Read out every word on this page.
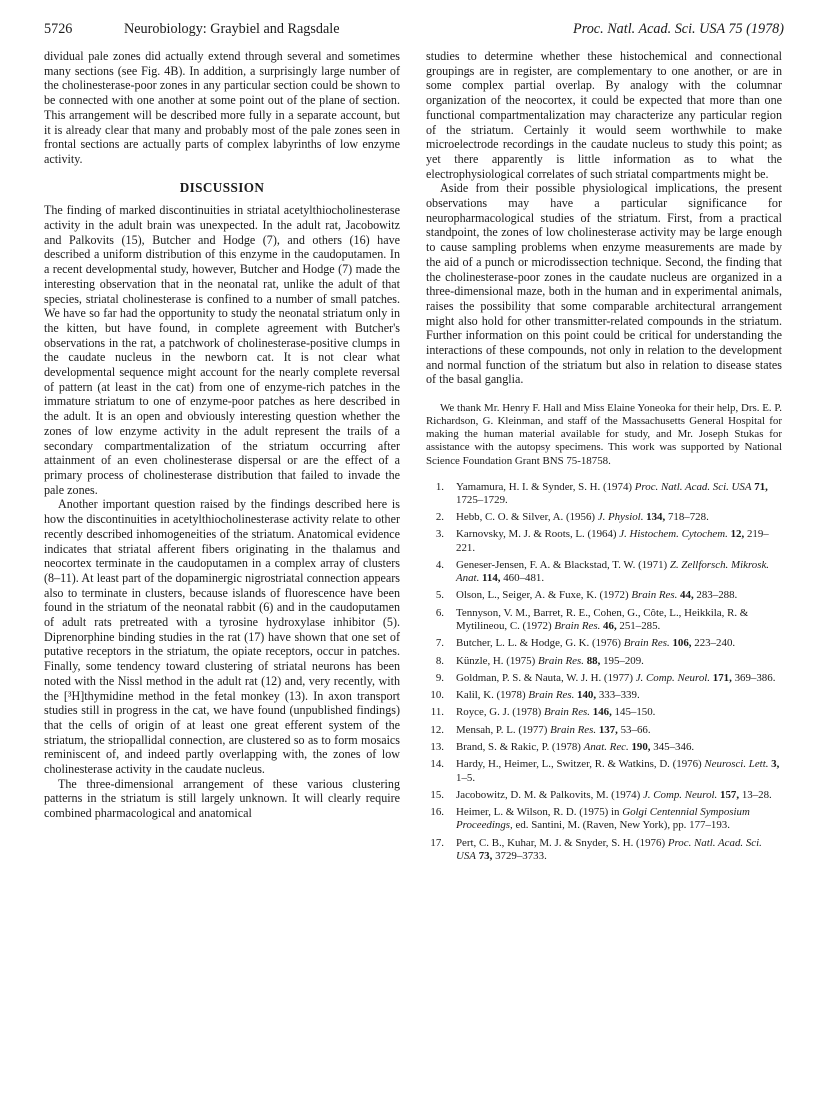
5726	Neurobiology: Graybiel and Ragsdale	Proc. Natl. Acad. Sci. USA 75 (1978)

dividual pale zones did actually extend through several and sometimes many sections (see Fig. 4B). In addition, a surprisingly large number of the cholinesterase-poor zones in any particular section could be shown to be connected with one another at some point out of the plane of section. This arrangement will be described more fully in a separate account, but it is already clear that many and probably most of the pale zones seen in frontal sections are actually parts of complex labyrinths of low enzyme activity.

DISCUSSION

The finding of marked discontinuities in striatal acetylthiocholinesterase activity in the adult brain was unexpected. In the adult rat, Jacobowitz and Palkovits (15), Butcher and Hodge (7), and others (16) have described a uniform distribution of this enzyme in the caudoputamen. In a recent developmental study, however, Butcher and Hodge (7) made the interesting observation that in the neonatal rat, unlike the adult of that species, striatal cholinesterase is confined to a number of small patches. We have so far had the opportunity to study the neonatal striatum only in the kitten, but have found, in complete agreement with Butcher's observations in the rat, a patchwork of cholinesterase-positive clumps in the caudate nucleus in the newborn cat. It is not clear what developmental sequence might account for the nearly complete reversal of pattern (at least in the cat) from one of enzyme-rich patches in the immature striatum to one of enzyme-poor patches as here described in the adult. It is an open and obviously interesting question whether the zones of low enzyme activity in the adult represent the trails of a secondary compartmentalization of the striatum occurring after attainment of an even cholinesterase dispersal or are the effect of a primary process of cholinesterase distribution that failed to invade the pale zones.

Another important question raised by the findings described here is how the discontinuities in acetylthiocholinesterase activity relate to other recently described inhomogeneities of the striatum. Anatomical evidence indicates that striatal afferent fibers originating in the thalamus and neocortex terminate in the caudoputamen in a complex array of clusters (8–11). At least part of the dopaminergic nigrostriatal connection appears also to terminate in clusters, because islands of fluorescence have been found in the striatum of the neonatal rabbit (6) and in the caudoputamen of adult rats pretreated with a tyrosine hydroxylase inhibitor (5). Diprenorphine binding studies in the rat (17) have shown that one set of putative receptors in the striatum, the opiate receptors, occur in patches. Finally, some tendency toward clustering of striatal neurons has been noted with the Nissl method in the adult rat (12) and, very recently, with the [³H]thymidine method in the fetal monkey (13). In axon transport studies still in progress in the cat, we have found (unpublished findings) that the cells of origin of at least one great efferent system of the striatum, the striopallidal connection, are clustered so as to form mosaics reminiscent of, and indeed partly overlapping with, the zones of low cholinesterase activity in the caudate nucleus.

The three-dimensional arrangement of these various clustering patterns in the striatum is still largely unknown. It will clearly require combined pharmacological and anatomical

studies to determine whether these histochemical and connectional groupings are in register, are complementary to one another, or are in some complex partial overlap. By analogy with the columnar organization of the neocortex, it could be expected that more than one functional compartmentalization may characterize any particular region of the striatum. Certainly it would seem worthwhile to make microelectrode recordings in the caudate nucleus to study this point; as yet there apparently is little information as to what the electrophysiological correlates of such striatal compartments might be.

Aside from their possible physiological implications, the present observations may have a particular significance for neuropharmacological studies of the striatum. First, from a practical standpoint, the zones of low cholinesterase activity may be large enough to cause sampling problems when enzyme measurements are made by the aid of a punch or microdissection technique. Second, the finding that the cholinesterase-poor zones in the caudate nucleus are organized in a three-dimensional maze, both in the human and in experimental animals, raises the possibility that some comparable architectural arrangement might also hold for other transmitter-related compounds in the striatum. Further information on this point could be critical for understanding the interactions of these compounds, not only in relation to the development and normal function of the striatum but also in relation to disease states of the basal ganglia.

We thank Mr. Henry F. Hall and Miss Elaine Yoneoka for their help, Drs. E. P. Richardson, G. Kleinman, and staff of the Massachusetts General Hospital for making the human material available for study, and Mr. Joseph Stukas for assistance with the autopsy specimens. This work was supported by National Science Foundation Grant BNS 75-18758.

1. Yamamura, H. I. & Synder, S. H. (1974) Proc. Natl. Acad. Sci. USA 71, 1725–1729.
2. Hebb, C. O. & Silver, A. (1956) J. Physiol. 134, 718–728.
3. Karnovsky, M. J. & Roots, L. (1964) J. Histochem. Cytochem. 12, 219–221.
4. Geneser-Jensen, F. A. & Blackstad, T. W. (1971) Z. Zellforsch. Mikrosk. Anat. 114, 460–481.
5. Olson, L., Seiger, A. & Fuxe, K. (1972) Brain Res. 44, 283–288.
6. Tennyson, V. M., Barret, R. E., Cohen, G., Côte, L., Heikkila, R. & Mytilineou, C. (1972) Brain Res. 46, 251–285.
7. Butcher, L. L. & Hodge, G. K. (1976) Brain Res. 106, 223–240.
8. Künzle, H. (1975) Brain Res. 88, 195–209.
9. Goldman, P. S. & Nauta, W. J. H. (1977) J. Comp. Neurol. 171, 369–386.
10. Kalil, K. (1978) Brain Res. 140, 333–339.
11. Royce, G. J. (1978) Brain Res. 146, 145–150.
12. Mensah, P. L. (1977) Brain Res. 137, 53–66.
13. Brand, S. & Rakic, P. (1978) Anat. Rec. 190, 345–346.
14. Hardy, H., Heimer, L., Switzer, R. & Watkins, D. (1976) Neurosci. Lett. 3, 1–5.
15. Jacobowitz, D. M. & Palkovits, M. (1974) J. Comp. Neurol. 157, 13–28.
16. Heimer, L. & Wilson, R. D. (1975) in Golgi Centennial Symposium Proceedings, ed. Santini, M. (Raven, New York), pp. 177–193.
17. Pert, C. B., Kuhar, M. J. & Snyder, S. H. (1976) Proc. Natl. Acad. Sci. USA 73, 3729–3733.
